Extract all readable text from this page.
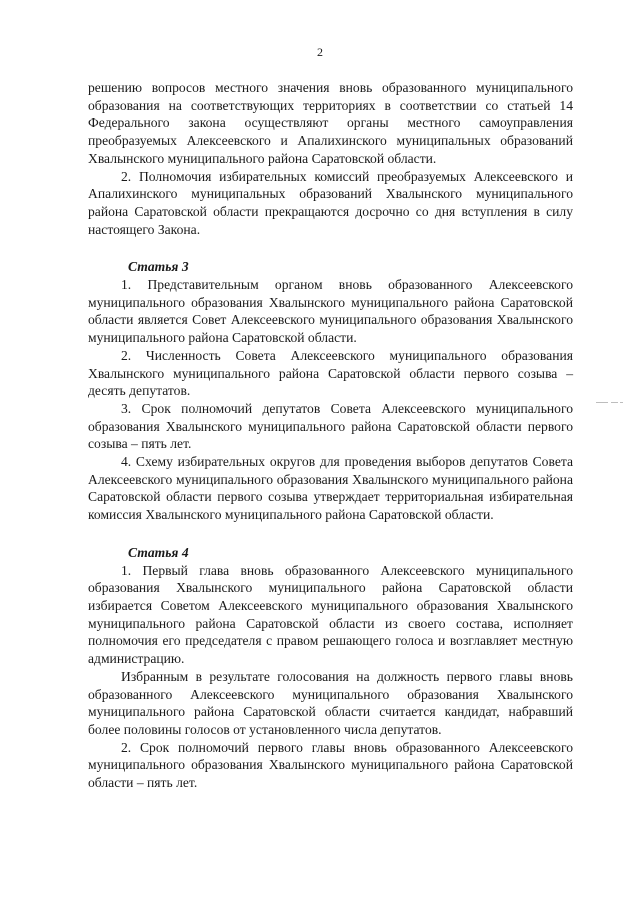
2

решению вопросов местного значения вновь образованного муниципального образования на соответствующих территориях в соответствии со статьей 14 Федерального закона осуществляют органы местного самоуправления преобразуемых Алексеевского и Апалихинского муниципальных образований Хвалынского муниципального района Саратовской области.

2. Полномочия избирательных комиссий преобразуемых Алексеевского и Апалихинского муниципальных образований Хвалынского муниципального района Саратовской области прекращаются досрочно со дня вступления в силу настоящего Закона.

Статья 3

1. Представительным органом вновь образованного Алексеевского муниципального образования Хвалынского муниципального района Саратовской области является Совет Алексеевского муниципального образования Хвалынского муниципального района Саратовской области.

2. Численность Совета Алексеевского муниципального образования Хвалынского муниципального района Саратовской области первого созыва – десять депутатов.

3. Срок полномочий депутатов Совета Алексеевского муниципального образования Хвалынского муниципального района Саратовской области первого созыва – пять лет.

4. Схему избирательных округов для проведения выборов депутатов Совета Алексеевского муниципального образования Хвалынского муниципального района Саратовской области первого созыва утверждает территориальная избирательная комиссия Хвалынского муниципального района Саратовской области.

Статья 4

1. Первый глава вновь образованного Алексеевского муниципального образования Хвалынского муниципального района Саратовской области избирается Советом Алексеевского муниципального образования Хвалынского муниципального района Саратовской области из своего состава, исполняет полномочия его председателя с правом решающего голоса и возглавляет местную администрацию.

Избранным в результате голосования на должность первого главы вновь образованного Алексеевского муниципального образования Хвалынского муниципального района Саратовской области считается кандидат, набравший более половины голосов от установленного числа депутатов.

2. Срок полномочий первого главы вновь образованного Алексеевского муниципального образования Хвалынского муниципального района Саратовской области – пять лет.
